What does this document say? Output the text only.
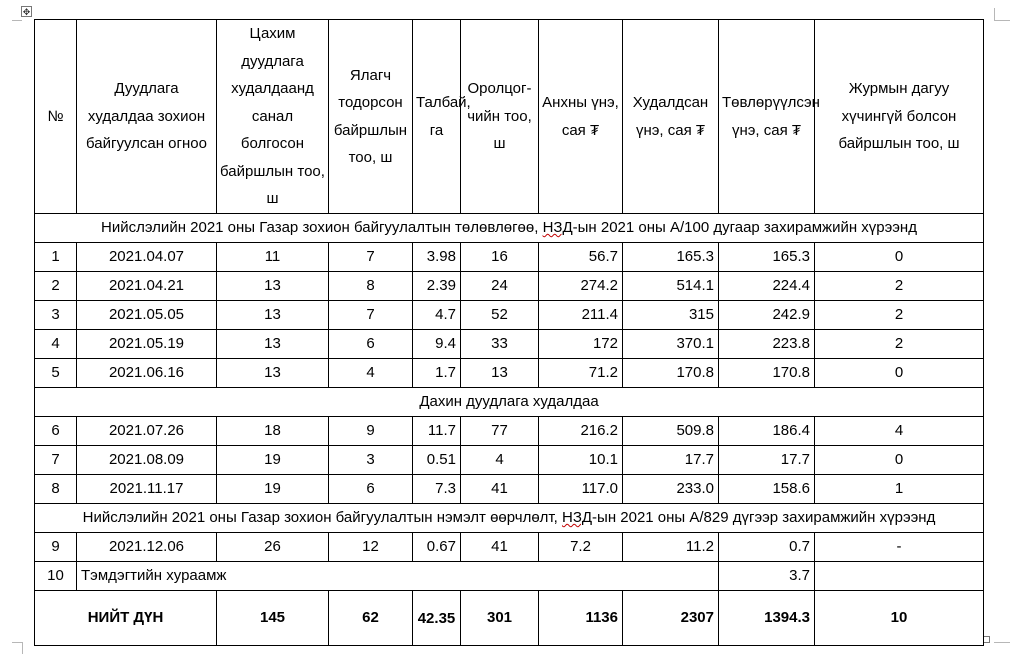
✥
№	Дуудлага худалдаа зохион байгуулсан огноо	Цахим дуудлага худалдаанд санал болгосон байршлын тоо, ш	Ялагч тодорсон байршлын тоо, ш	Талбай, га	Оролцог-чийн тоо, ш	Анхны үнэ, сая ₮	Худалдсан үнэ, сая ₮	Төвлөрүүлсэн үнэ, сая ₮	Журмын дагуу хүчингүй болсон байршлын тоо, ш
Нийслэлийн 2021 оны Газар зохион байгуулалтын төлөвлөгөө, НЗД-ын 2021 оны А/100 дугаар захирамжийн хүрээнд									
1	2021.04.07	11	7	3.98	16	56.7	165.3	165.3	0
2	2021.04.21	13	8	2.39	24	274.2	514.1	224.4	2
3	2021.05.05	13	7	4.7	52	211.4	315	242.9	2
4	2021.05.19	13	6	9.4	33	172	370.1	223.8	2
5	2021.06.16	13	4	1.7	13	71.2	170.8	170.8	0
Дахин дуудлага худалдаа									
6	2021.07.26	18	9	11.7	77	216.2	509.8	186.4	4
7	2021.08.09	19	3	0.51	4	10.1	17.7	17.7	0
8	2021.11.17	19	6	7.3	41	117.0	233.0	158.6	1
Нийслэлийн 2021 оны Газар зохион байгуулалтын нэмэлт өөрчлөлт, НЗД-ын 2021 оны А/829 дүгээр захирамжийн хүрээнд									
9	2021.12.06	26	12	0.67	41	7.2	11.2	0.7	-
10	Тэмдэгтийн хураамж							3.7	
НИЙТ ДҮН		145	62	42.35	301	1136	2307	1394.3	10
